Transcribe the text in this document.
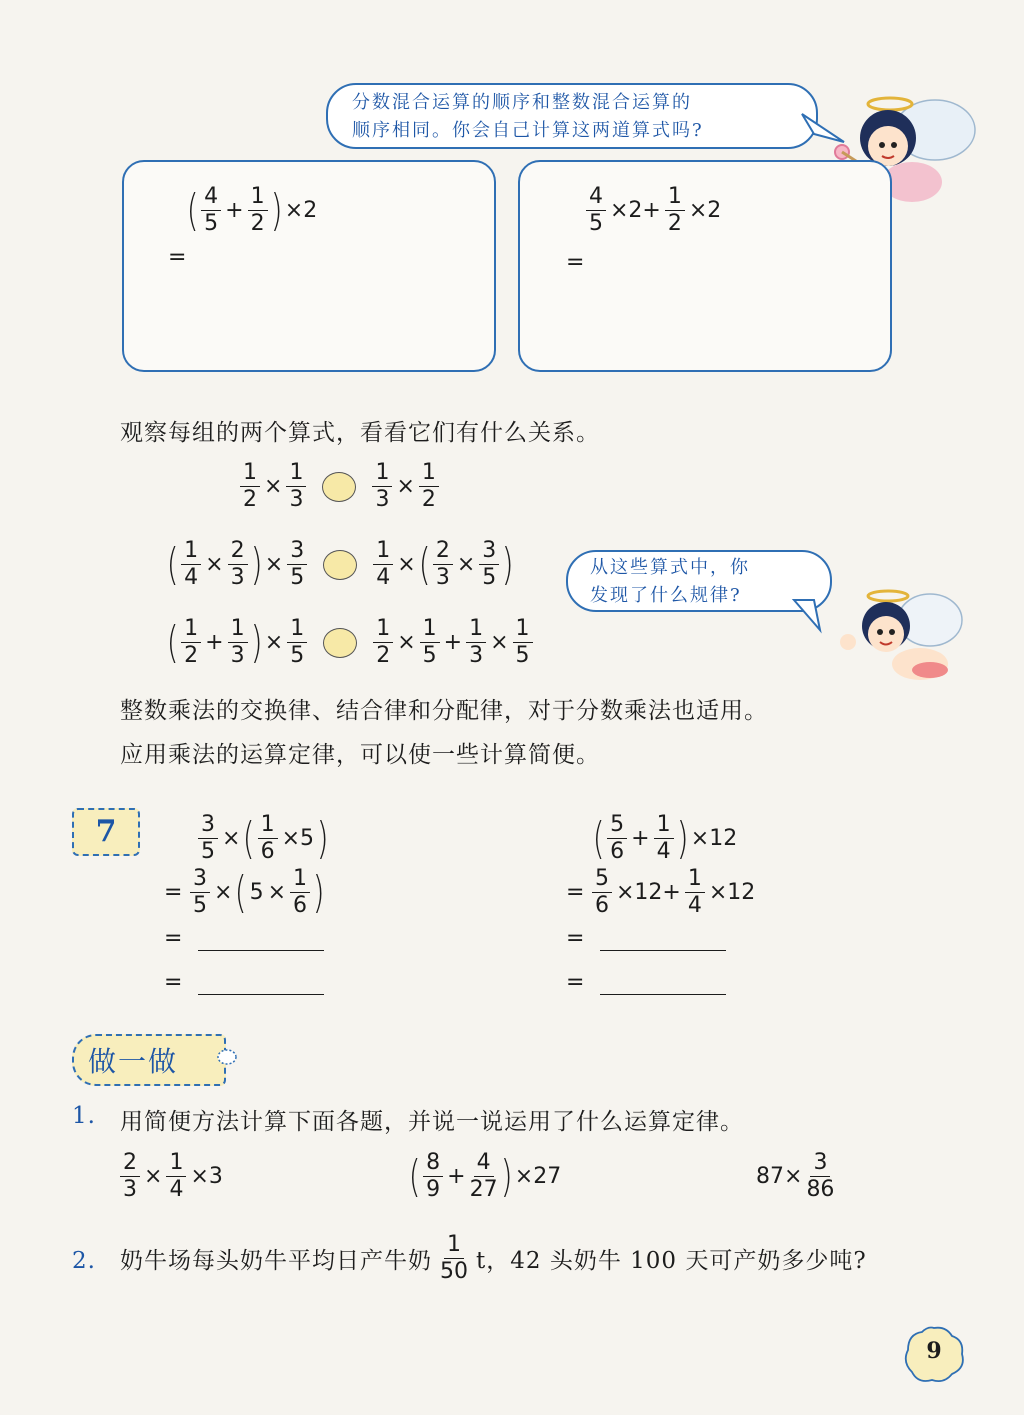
分数混合运算的顺序和整数混合运算的
顺序相同。你会自己计算这两道算式吗?
( $\frac{4}{5} + \frac{1}{2}$ ) ×2
=
$\frac{4}{5} \times 2+ \frac{1}{2} \times 2$
=
观察每组的两个算式，看看它们有什么关系。
$\frac{1}{2} \times \frac{1}{3}$	$\frac{1}{3} \times \frac{1}{2}$
( $\frac{1}{4} \times \frac{2}{3}$ ) × $\frac{3}{5}$	$\frac{1}{4}$ × ( $\frac{2}{3} \times \frac{3}{5}$ )
( $\frac{1}{2} + \frac{1}{3}$ ) × $\frac{1}{5}$	$\frac{1}{2} \times \frac{1}{5} + \frac{1}{3} \times \frac{1}{5}$
从这些算式中，你
发现了什么规律?
整数乘法的交换律、结合律和分配律，对于分数乘法也适用。
应用乘法的运算定律，可以使一些计算简便。
7	$\frac{3}{5}$ × ( $\frac{1}{6} \times 5$ )
= $\frac{3}{5}$ × ( $5 \times \frac{1}{6}$ )
=
=
( $\frac{5}{6} + \frac{1}{4}$ ) ×12
= $\frac{5}{6} \times 12+ \frac{1}{4} \times 12$
=
=
做一做
1. 用简便方法计算下面各题，并说一说运用了什么运算定律。
$\frac{2}{3} \times \frac{1}{4} \times 3$	( $\frac{8}{9} + \frac{4}{27}$ ) ×27	$87\times \frac{3}{86}$
2. 奶牛场每头奶牛平均日产牛奶 $\frac{1}{50}$ t，42 头奶牛 100 天可产奶多少吨?
9
